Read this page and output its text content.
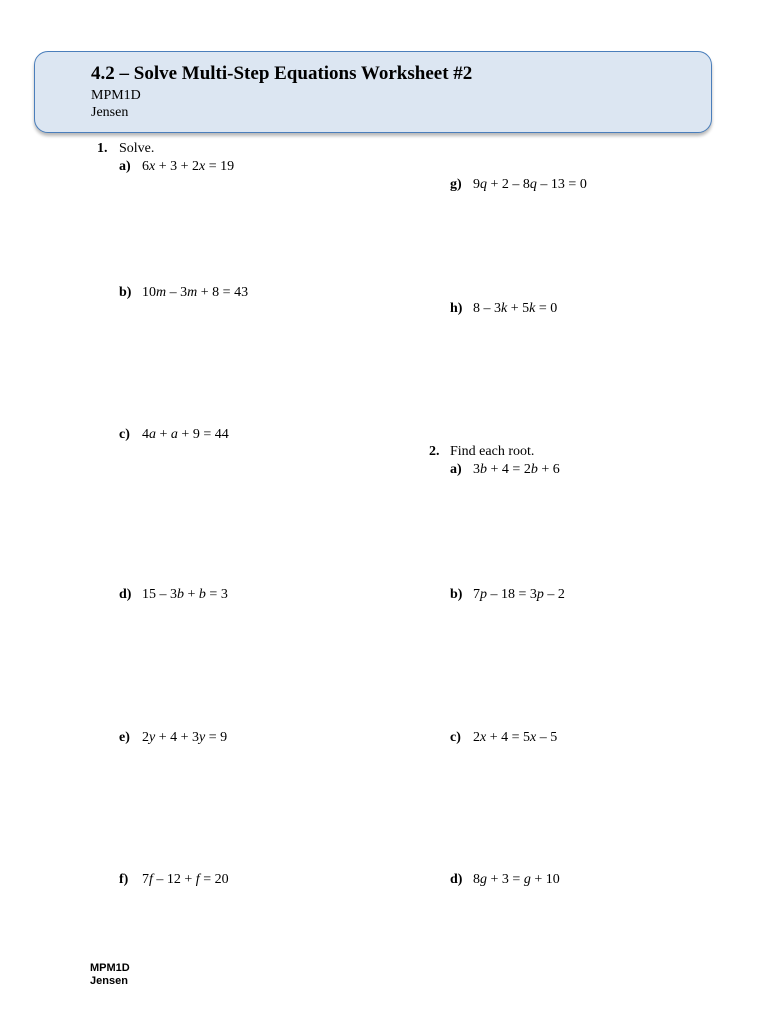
4.2 – Solve Multi-Step Equations Worksheet #2
MPM1D
Jensen
1. Solve.
a) 6x + 3 + 2x = 19
b) 10m – 3m + 8 = 43
c) 4a + a + 9 = 44
d) 15 – 3b + b = 3
e) 2y + 4 + 3y = 9
f) 7f – 12 + f = 20
g) 9q + 2 – 8q – 13 = 0
h) 8 – 3k + 5k = 0
2. Find each root.
a) 3b + 4 = 2b + 6
b) 7p – 18 = 3p – 2
c) 2x + 4 = 5x – 5
d) 8g + 3 = g + 10
MPM1D
Jensen
